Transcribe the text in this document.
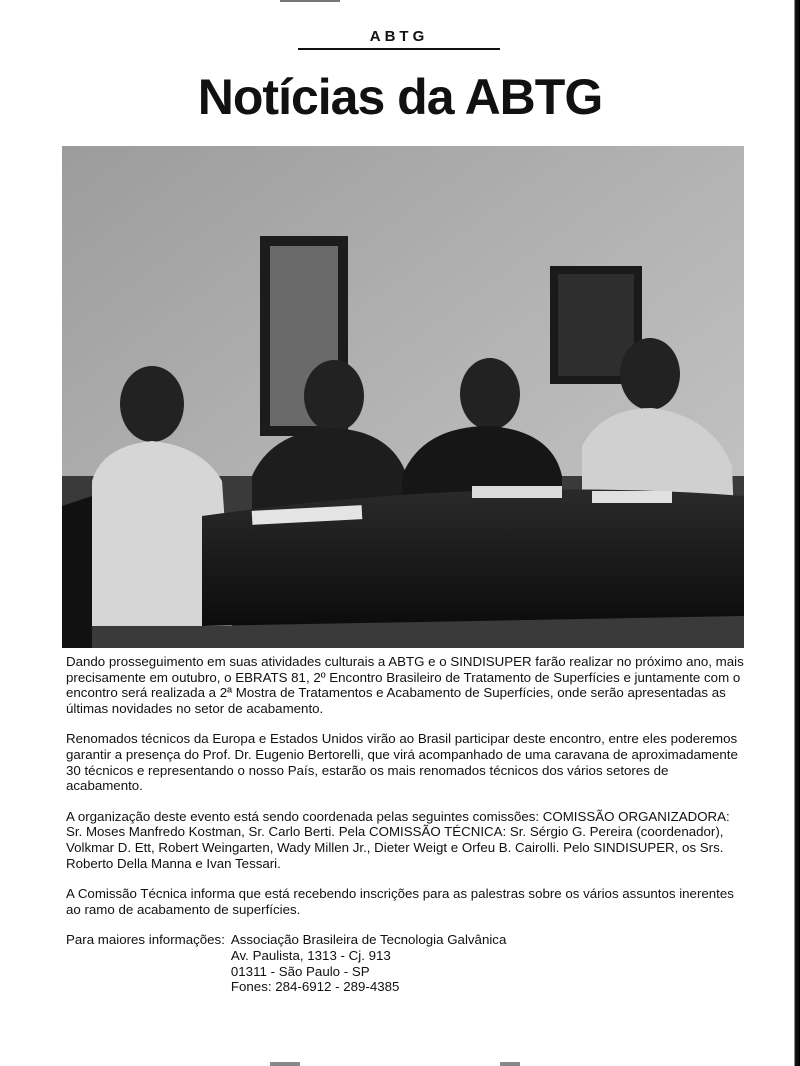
ABTG
Notícias da ABTG

Dando prosseguimento em suas atividades culturais a ABTG e o SINDISUPER farão realizar no próximo ano, mais precisamente em outubro, o EBRATS 81, 2º Encontro Brasileiro de Tratamento de Superfícies e juntamente com o encontro será realizada a 2ª Mostra de Tratamentos e Acabamento de Superfícies, onde serão apresentadas as últimas novidades no setor de acabamento.

Renomados técnicos da Europa e Estados Unidos virão ao Brasil participar deste encontro, entre eles poderemos garantir a presença do Prof. Dr. Eugenio Bertorelli, que virá acompanhado de uma caravana de aproximadamente 30 técnicos e representando o nosso País, estarão os mais renomados técnicos dos vários setores de acabamento.

A organização deste evento está sendo coordenada pelas seguintes comissões: COMISSÃO ORGANIZADORA: Sr. Moses Manfredo Kostman, Sr. Carlo Berti. Pela COMISSÃO TÉCNICA: Sr. Sérgio G. Pereira (coordenador), Volkmar D. Ett, Robert Weingarten, Wady Millen Jr., Dieter Weigt e Orfeu B. Cairolli. Pelo SINDISUPER, os Srs. Roberto Della Manna e Ivan Tessari.

A Comissão Técnica informa que está recebendo inscrições para as palestras sobre os vários assuntos inerentes ao ramo de acabamento de superfícies.

Para maiores informações: Associação Brasileira de Tecnologia Galvânica
Av. Paulista, 1313 - Cj. 913
01311 - São Paulo - SP
Fones: 284-6912 - 289-4385
